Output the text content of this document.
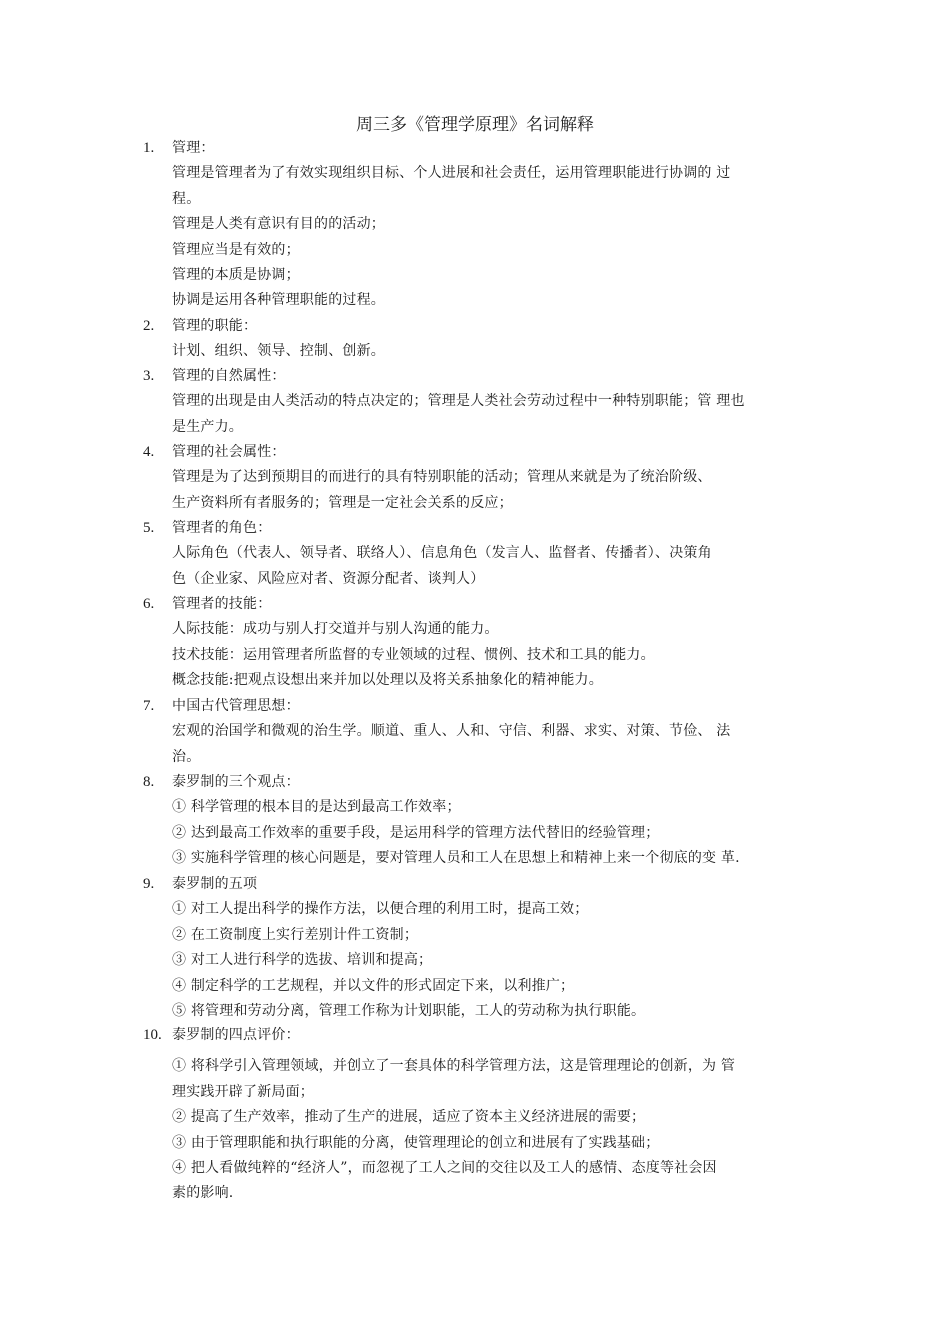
周三多《管理学原理》名词解释
1.	管理：
管理是管理者为了有效实现组织目标、个人进展和社会责任，运用管理职能进行协调的 过
程。
管理是人类有意识有目的的活动；
管理应当是有效的；
管理的本质是协调；
协调是运用各种管理职能的过程。
2.	管理的职能：
计划、组织、领导、控制、创新。
3.	管理的自然属性：
管理的出现是由人类活动的特点决定的；管理是人类社会劳动过程中一种特别职能；管 理也
是生产力。
4.	管理的社会属性：
管理是为了达到预期目的而进行的具有特别职能的活动；管理从来就是为了统治阶级、
生产资料所有者服务的；管理是一定社会关系的反应；
5.	管理者的角色：
人际角色（代表人、领导者、联络人）、信息角色（发言人、监督者、传播者）、决策角
色（企业家、风险应对者、资源分配者、谈判人）
6.	管理者的技能：
人际技能：成功与别人打交道并与别人沟通的能力。
技术技能：运用管理者所监督的专业领域的过程、惯例、技术和工具的能力。
概念技能:把观点设想出来并加以处理以及将关系抽象化的精神能力。
7.	中国古代管理思想：
宏观的治国学和微观的治生学。顺道、重人、人和、守信、利器、求实、对策、节俭、 法
治。
8.	泰罗制的三个观点：
① 科学管理的根本目的是达到最高工作效率；
② 达到最高工作效率的重要手段，是运用科学的管理方法代替旧的经验管理；
③ 实施科学管理的核心问题是，要对管理人员和工人在思想上和精神上来一个彻底的变 革.
9.	泰罗制的五项
① 对工人提出科学的操作方法，以便合理的利用工时，提高工效；
② 在工资制度上实行差别计件工资制；
③ 对工人进行科学的选拔、培训和提高；
④ 制定科学的工艺规程，并以文件的形式固定下来，以利推广；
⑤ 将管理和劳动分离，管理工作称为计划职能，工人的劳动称为执行职能。
10. 泰罗制的四点评价：
① 将科学引入管理领域，并创立了一套具体的科学管理方法，这是管理理论的创新，为 管
理实践开辟了新局面；
② 提高了生产效率，推动了生产的进展，适应了资本主义经济进展的需要；
③ 由于管理职能和执行职能的分离，使管理理论的创立和进展有了实践基础；
④ 把人看做纯粹的“经济人”，而忽视了工人之间的交往以及工人的感情、态度等社会因
素的影响.
